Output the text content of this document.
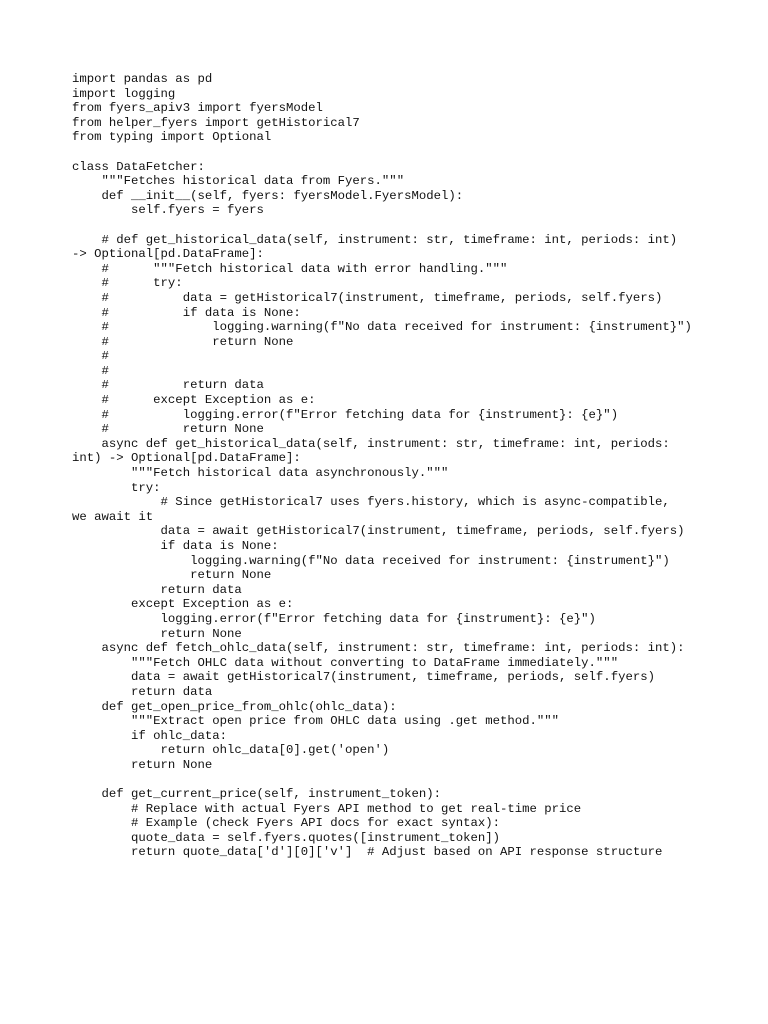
import pandas as pd
import logging
from fyers_apiv3 import fyersModel
from helper_fyers import getHistorical7
from typing import Optional
class DataFetcher:
"""Fetches historical data from Fyers."""
def __init__(self, fyers: fyersModel.FyersModel):
self.fyers = fyers
# def get_historical_data(self, instrument: str, timeframe: int, periods: int)
-> Optional[pd.DataFrame]:
#      """Fetch historical data with error handling."""
#      try:
#          data = getHistorical7(instrument, timeframe, periods, self.fyers)
#          if data is None:
#              logging.warning(f"No data received for instrument: {instrument}")
#              return None
#
#
#          return data
#      except Exception as e:
#          logging.error(f"Error fetching data for {instrument}: {e}")
#          return None
async def get_historical_data(self, instrument: str, timeframe: int, periods:
int) -> Optional[pd.DataFrame]:
"""Fetch historical data asynchronously."""
try:
# Since getHistorical7 uses fyers.history, which is async-compatible,
we await it
data = await getHistorical7(instrument, timeframe, periods, self.fyers)
if data is None:
logging.warning(f"No data received for instrument: {instrument}")
return None
return data
except Exception as e:
logging.error(f"Error fetching data for {instrument}: {e}")
return None
async def fetch_ohlc_data(self, instrument: str, timeframe: int, periods: int):
"""Fetch OHLC data without converting to DataFrame immediately."""
data = await getHistorical7(instrument, timeframe, periods, self.fyers)
return data
def get_open_price_from_ohlc(ohlc_data):
"""Extract open price from OHLC data using .get method."""
if ohlc_data:
return ohlc_data[0].get('open')
return None
def get_current_price(self, instrument_token):
# Replace with actual Fyers API method to get real-time price
# Example (check Fyers API docs for exact syntax):
quote_data = self.fyers.quotes([instrument_token])
return quote_data['d'][0]['v']  # Adjust based on API response structure
